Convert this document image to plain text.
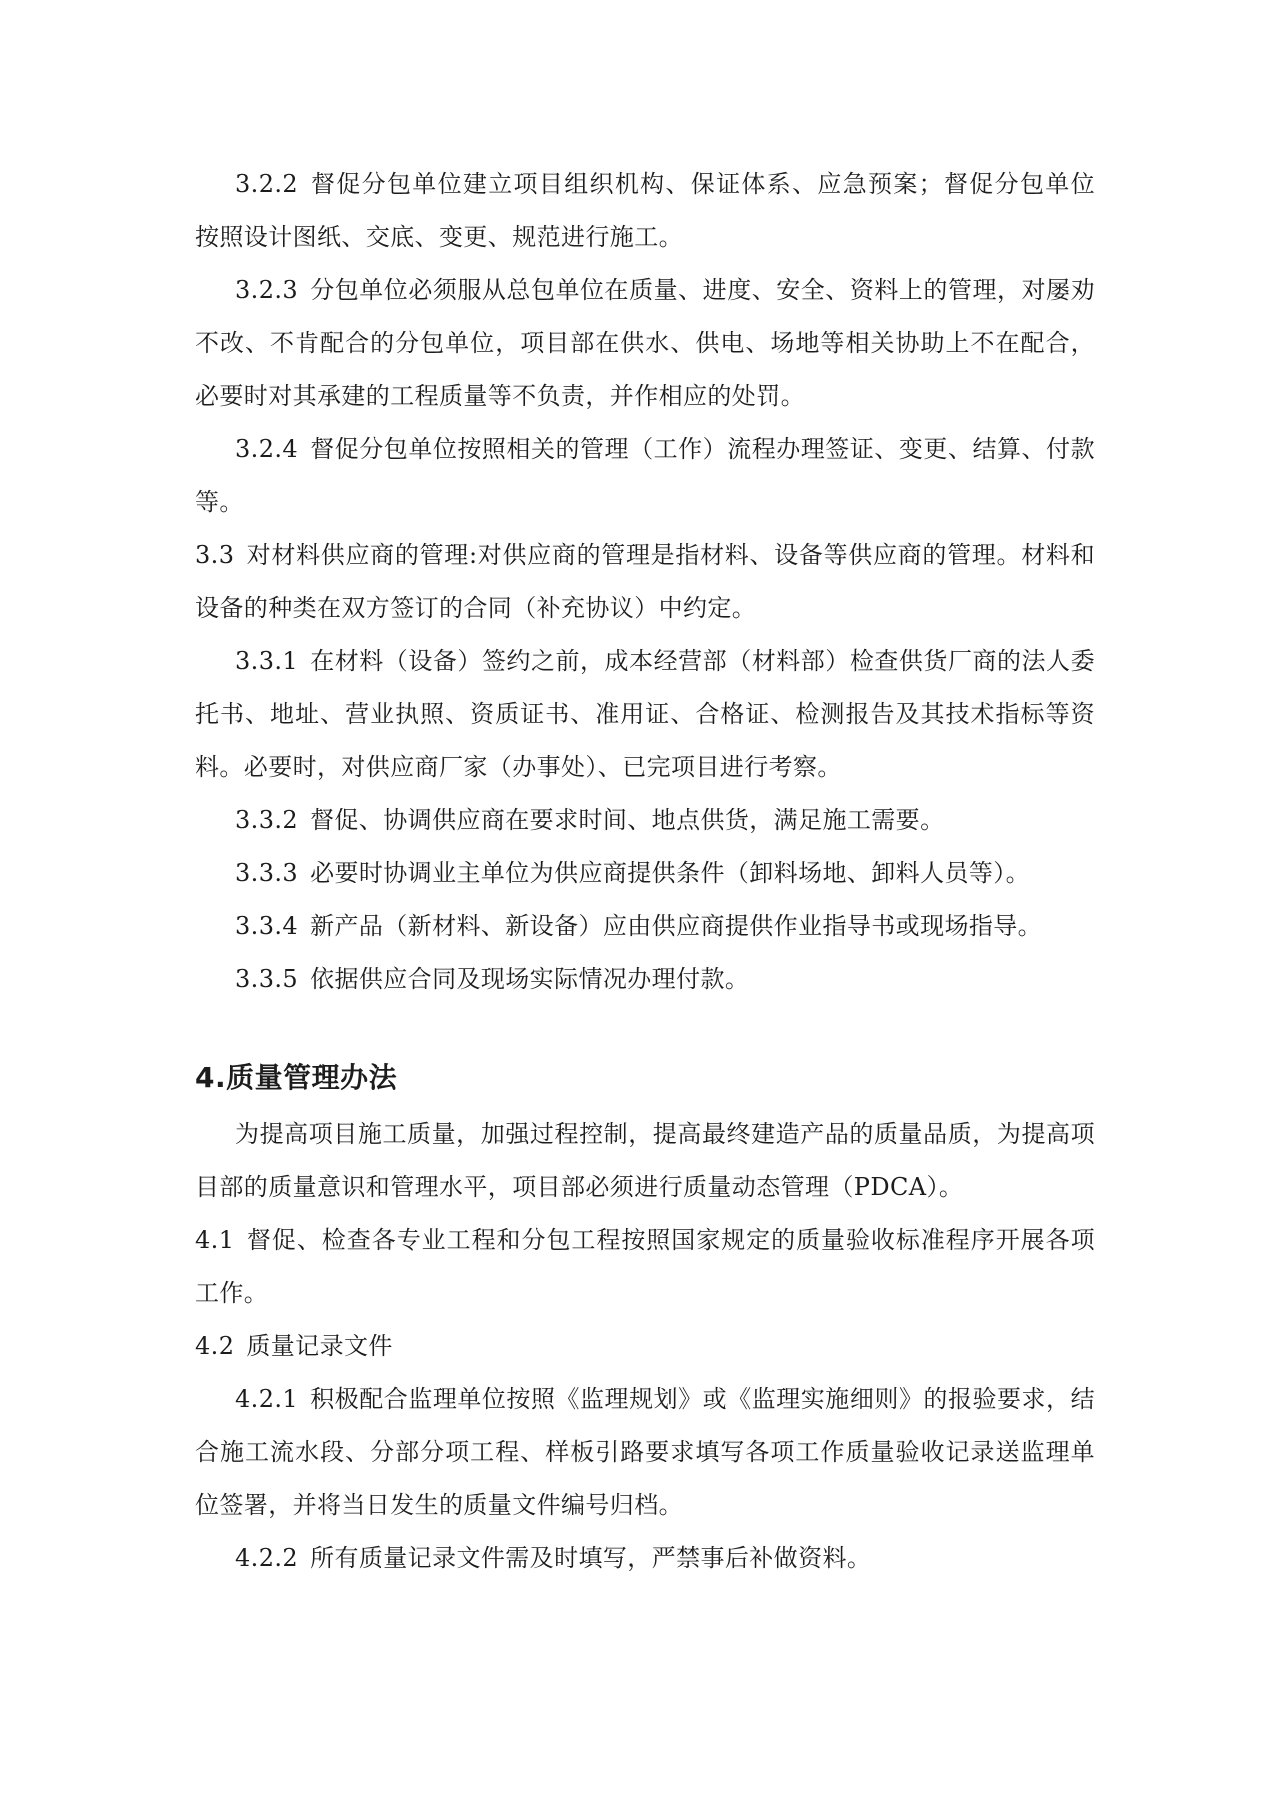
3.2.2 督促分包单位建立项目组织机构、保证体系、应急预案；督促分包单位　按照设计图纸、交底、变更、规范进行施工。

3.2.3 分包单位必须服从总包单位在质量、进度、安全、资料上的管理，对屡劝不改、不肯配合的分包单位，项目部在供水、供电、场地等相关协助上不在配合，必要时对其承建的工程质量等不负责，并作相应的处罚。

3.2.4 督促分包单位按照相关的管理（工作）流程办理签证、变更、结算、付款等。

3.3 对材料供应商的管理:对供应商的管理是指材料、设备等供应商的管理。材料和设备的种类在双方签订的合同（补充协议）中约定。

3.3.1 在材料（设备）签约之前，成本经营部（材料部）检查供货厂商的法人委托书、地址、营业执照、资质证书、准用证、合格证、检测报告及其技术指标等资料。必要时，对供应商厂家（办事处）、已完项目进行考察。

3.3.2 督促、协调供应商在要求时间、地点供货，满足施工需要。

3.3.3 必要时协调业主单位为供应商提供条件（卸料场地、卸料人员等）。

3.3.4 新产品（新材料、新设备）应由供应商提供作业指导书或现场指导。

3.3.5 依据供应合同及现场实际情况办理付款。

4.质量管理办法

为提高项目施工质量，加强过程控制，提高最终建造产品的质量品质，为提高项目部的质量意识和管理水平，项目部必须进行质量动态管理（PDCA）。

4.1 督促、检查各专业工程和分包工程按照国家规定的质量验收标准程序开展各项工作。

4.2 质量记录文件

4.2.1 积极配合监理单位按照《监理规划》或《监理实施细则》的报验要求，结合施工流水段、分部分项工程、样板引路要求填写各项工作质量验收记录送监理单位签署，并将当日发生的质量文件编号归档。

4.2.2 所有质量记录文件需及时填写，严禁事后补做资料。
